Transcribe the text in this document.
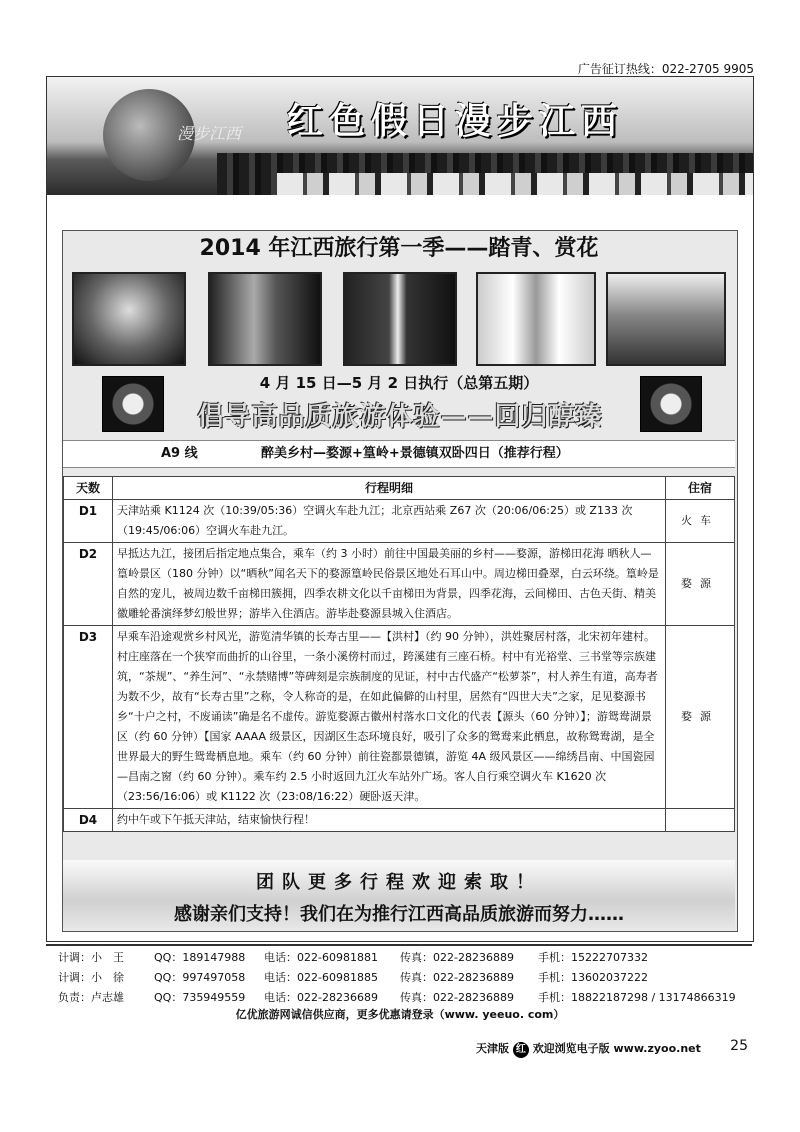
广告征订热线：022-2705 9905
漫步江西 红色假日漫步江西
2014 年江西旅行第一季——踏青、赏花
4 月 15 日—5 月 2 日执行（总第五期）
倡导高品质旅游体验——回归醇臻
A9 线	醉美乡村—婺源+篁岭+景德镇双卧四日（推荐行程）
天数	行程明细	住宿
D1	天津站乘 K1124 次（10:39/05:36）空调火车赴九江；北京西站乘 Z67 次（20:06/06:25）或 Z133 次（19:45/06:06）空调火车赴九江。	火车
D2	早抵达九江，接团后指定地点集合，乘车（约 3 小时）前往中国最美丽的乡村——婺源，游梯田花海 晒秋人—篁岭景区（180 分钟）以“晒秋”闻名天下的婺源篁岭民俗景区地处石耳山中。周边梯田叠翠，白云环绕。篁岭是自然的宠儿，被周边数千亩梯田簇拥，四季农耕文化以千亩梯田为背景，四季花海，云间梯田、古色天街、精美徽雕轮番演绎梦幻般世界；游毕入住酒店。游毕赴婺源县城入住酒店。	婺源
D3	早乘车沿途观赏乡村风光，游览清华镇的长寿古里——【洪村】（约 90 分钟），洪姓聚居村落，北宋初年建村。村庄座落在一个狭窄而曲折的山谷里，一条小溪傍村而过，跨溪建有三座石桥。村中有光裕堂、三书堂等宗族建筑，“茶规”、“养生河”、“永禁赌博”等碑刻是宗族制度的见证，村中古代盛产“松萝茶”，村人养生有道，高寿者为数不少，故有“长寿古里”之称，令人称奇的是，在如此偏僻的山村里，居然有“四世大夫”之家，足见婺源书乡“十户之村，不废诵读”确是名不虚传。游览婺源古徽州村落水口文化的代表【源头（60 分钟）】；游鸳鸯湖景区（约 60 分钟）【国家 AAAA 级景区，因湖区生态环境良好，吸引了众多的鸳鸯来此栖息，故称鸳鸯湖，是全世界最大的野生鸳鸯栖息地。乘车（约 60 分钟）前往瓷都景德镇，游览 4A 级风景区——绵绣昌南、中国瓷园—昌南之窗（约 60 分钟）。乘车约 2.5 小时返回九江火车站外广场。客人自行乘空调火车 K1620 次（23:56/16:06）或 K1122 次（23:08/16:22）硬卧返天津。	婺源
D4	约中午或下午抵天津站，结束愉快行程！	
团队更多行程欢迎索取！
感谢亲们支持！我们在为推行江西高品质旅游而努力……
计调：小　王	QQ：189147988 电话：022-60981881 传真：022-28236889 手机：15222707332
计调：小　徐	QQ：997497058 电话：022-60981885 传真：022-28236889 手机：13602037222
负责：卢志雄	QQ：735949559 电话：022-28236689 传真：022-28236889 手机：18822187298 / 13174866319
亿优旅游网诚信供应商，更多优惠请登录（www. yeeuo. com）
天津版 红 欢迎浏览电子版 www.zyoo.net 25
